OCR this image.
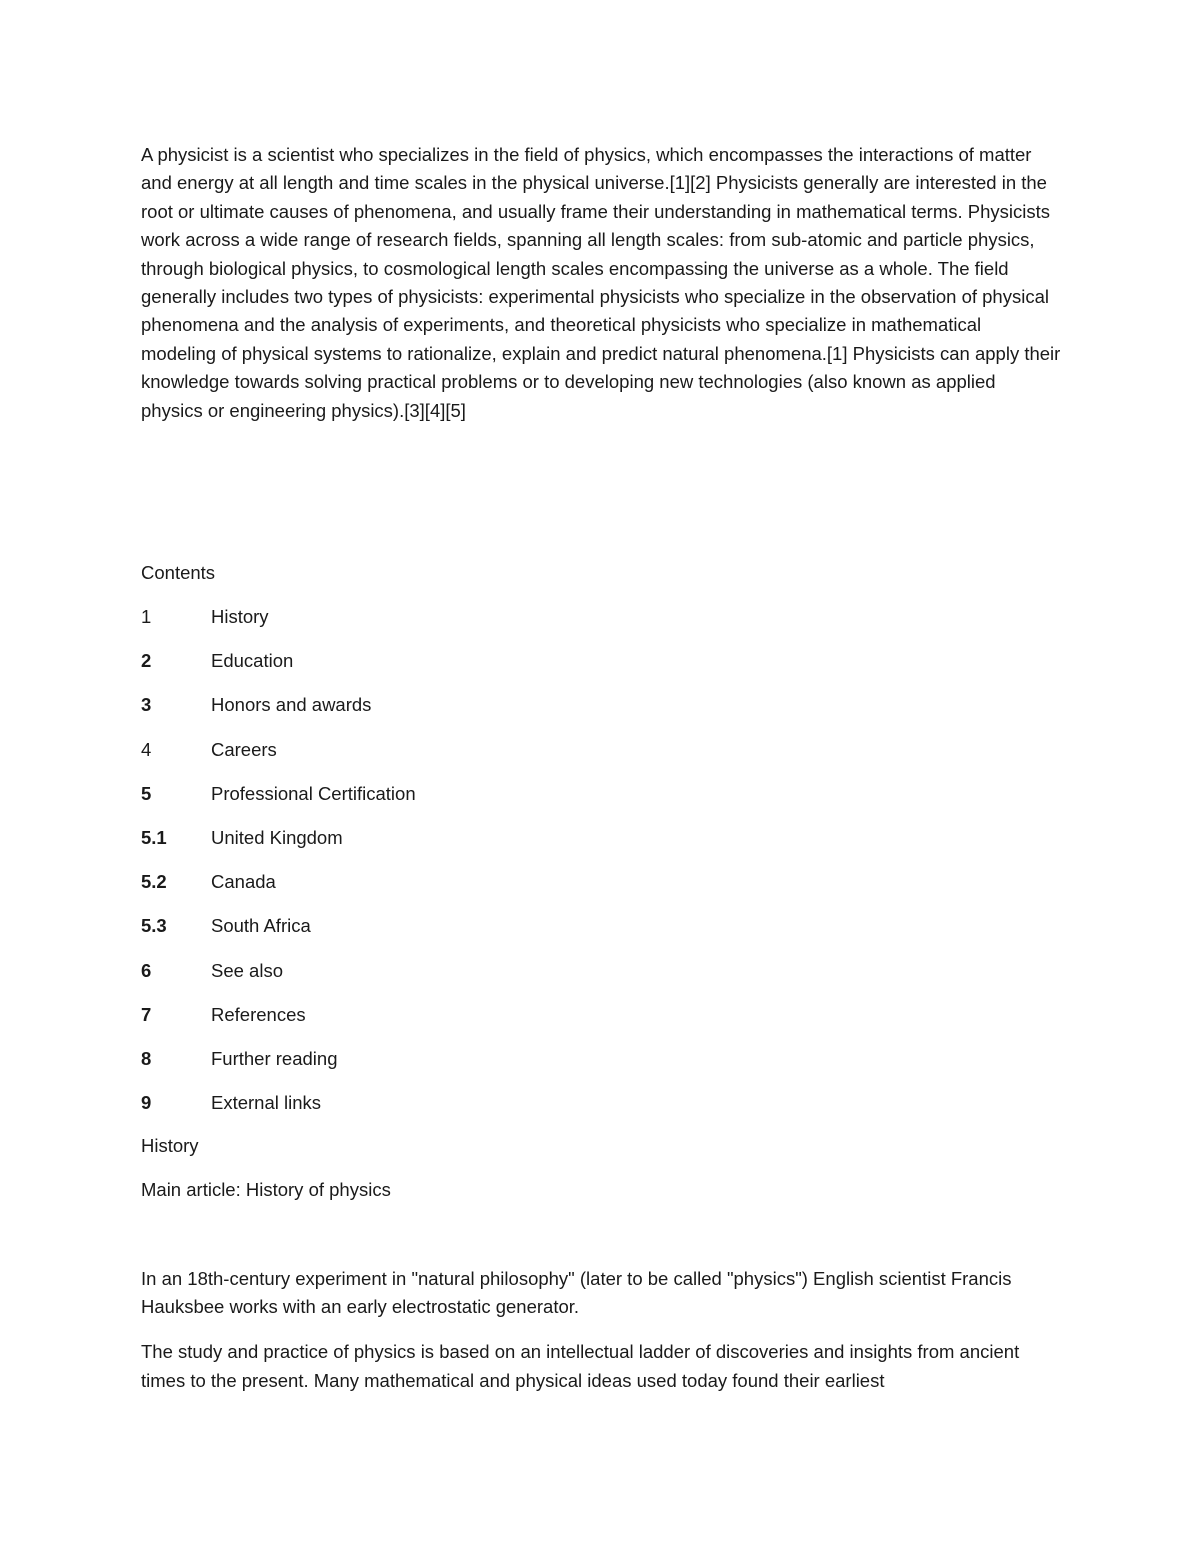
A physicist is a scientist who specializes in the field of physics, which encompasses the interactions of matter and energy at all length and time scales in the physical universe.[1][2] Physicists generally are interested in the root or ultimate causes of phenomena, and usually frame their understanding in mathematical terms. Physicists work across a wide range of research fields, spanning all length scales: from sub-atomic and particle physics, through biological physics, to cosmological length scales encompassing the universe as a whole. The field generally includes two types of physicists: experimental physicists who specialize in the observation of physical phenomena and the analysis of experiments, and theoretical physicists who specialize in mathematical modeling of physical systems to rationalize, explain and predict natural phenomena.[1] Physicists can apply their knowledge towards solving practical problems or to developing new technologies (also known as applied physics or engineering physics).[3][4][5]

Contents

1	History
2	Education
3	Honors and awards
4	Careers
5	Professional Certification
5.1 United Kingdom
5.2 Canada
5.3 South Africa
6	See also
7	References
8	Further reading
9	External links

History

Main article: History of physics

In an 18th-century experiment in "natural philosophy" (later to be called "physics") English scientist Francis Hauksbee works with an early electrostatic generator.

The study and practice of physics is based on an intellectual ladder of discoveries and insights from ancient times to the present. Many mathematical and physical ideas used today found their earliest
